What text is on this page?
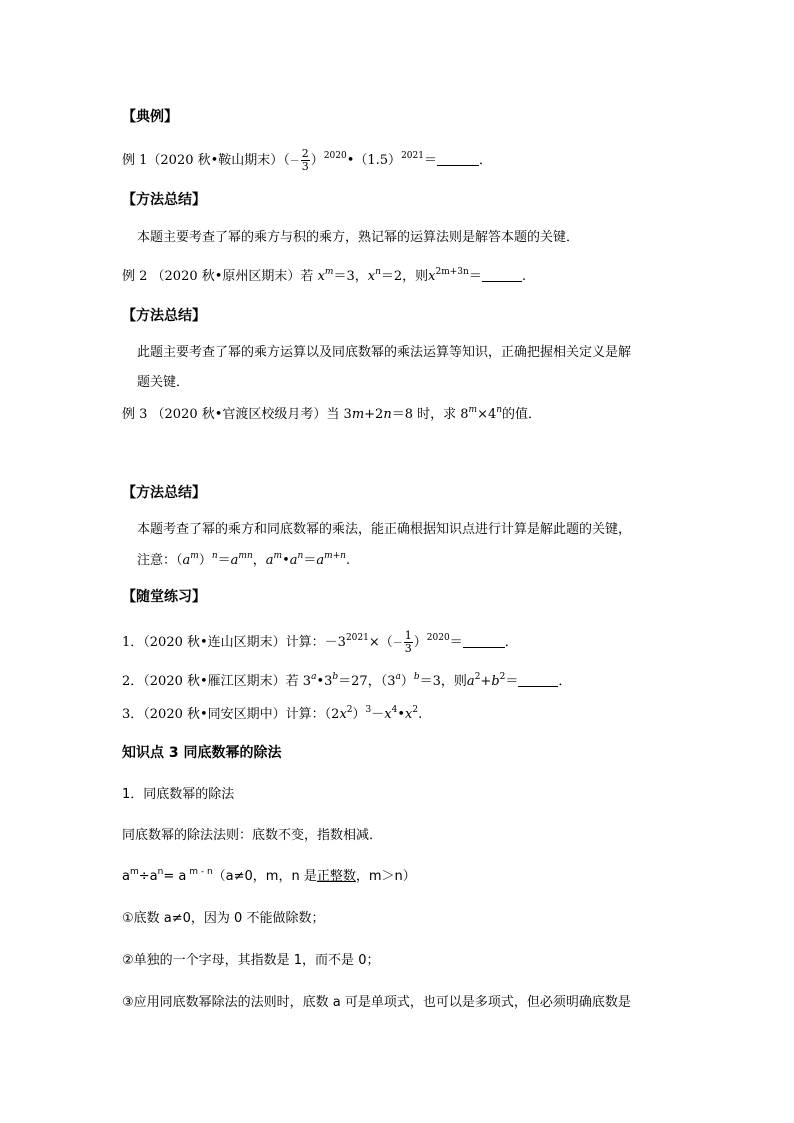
【典例】
例 1（2020 秋•鞍山期末）（－ $\frac{2}{3}$ ）$^{2020}•(1.5)^{2021}=$	．
【方法总结】
本题主要考查了幂的乘方与积的乘方，熟记幂的运算法则是解答本题的关键．
例 2 （2020 秋•原州区期末）若 $x^m=3$，$x^n=2$，则$x^{2m+3n}=$	.
【方法总结】
此题主要考查了幂的乘方运算以及同底数幂的乘法运算等知识，正确把握相关定义是解
题关键．
例 3 （2020 秋•官渡区校级月考）当 3m+2n＝8 时，求 $8^m\times 4^n$的值．
【方法总结】
本题考查了幂的乘方和同底数幂的乘法，能正确根据知识点进行计算是解此题的关键，
注意：$(a^m)^n=a^{mn}$，$a^m•a^n=a^{m+n}$.
【随堂练习】
1．（2020 秋•连山区期末）计算：$-3^{2021}\times(- \frac{1}{3} )^{2020}=$	．
2．（2020 秋•雁江区期末）若 $3^a•3^b=27$，$(3^a)^b=3$，则$a^2+b^2=$	．
3．（2020 秋•同安区期中）计算：$(2x^2)^3-x^4•x^2$.
知识点 3 同底数幂的除法
1．同底数幂的除法
同底数幂的除法法则：底数不变，指数相减．
$a^m\div a^n= a$ $^{m - n}$（a≠0，m，n 是正整数，m＞n）
①底数 a≠0，因为 0 不能做除数；
②单独的一个字母，其指数是 1，而不是 0；
③应用同底数幂除法的法则时，底数 a 可是单项式，也可以是多项式，但必须明确底数是
